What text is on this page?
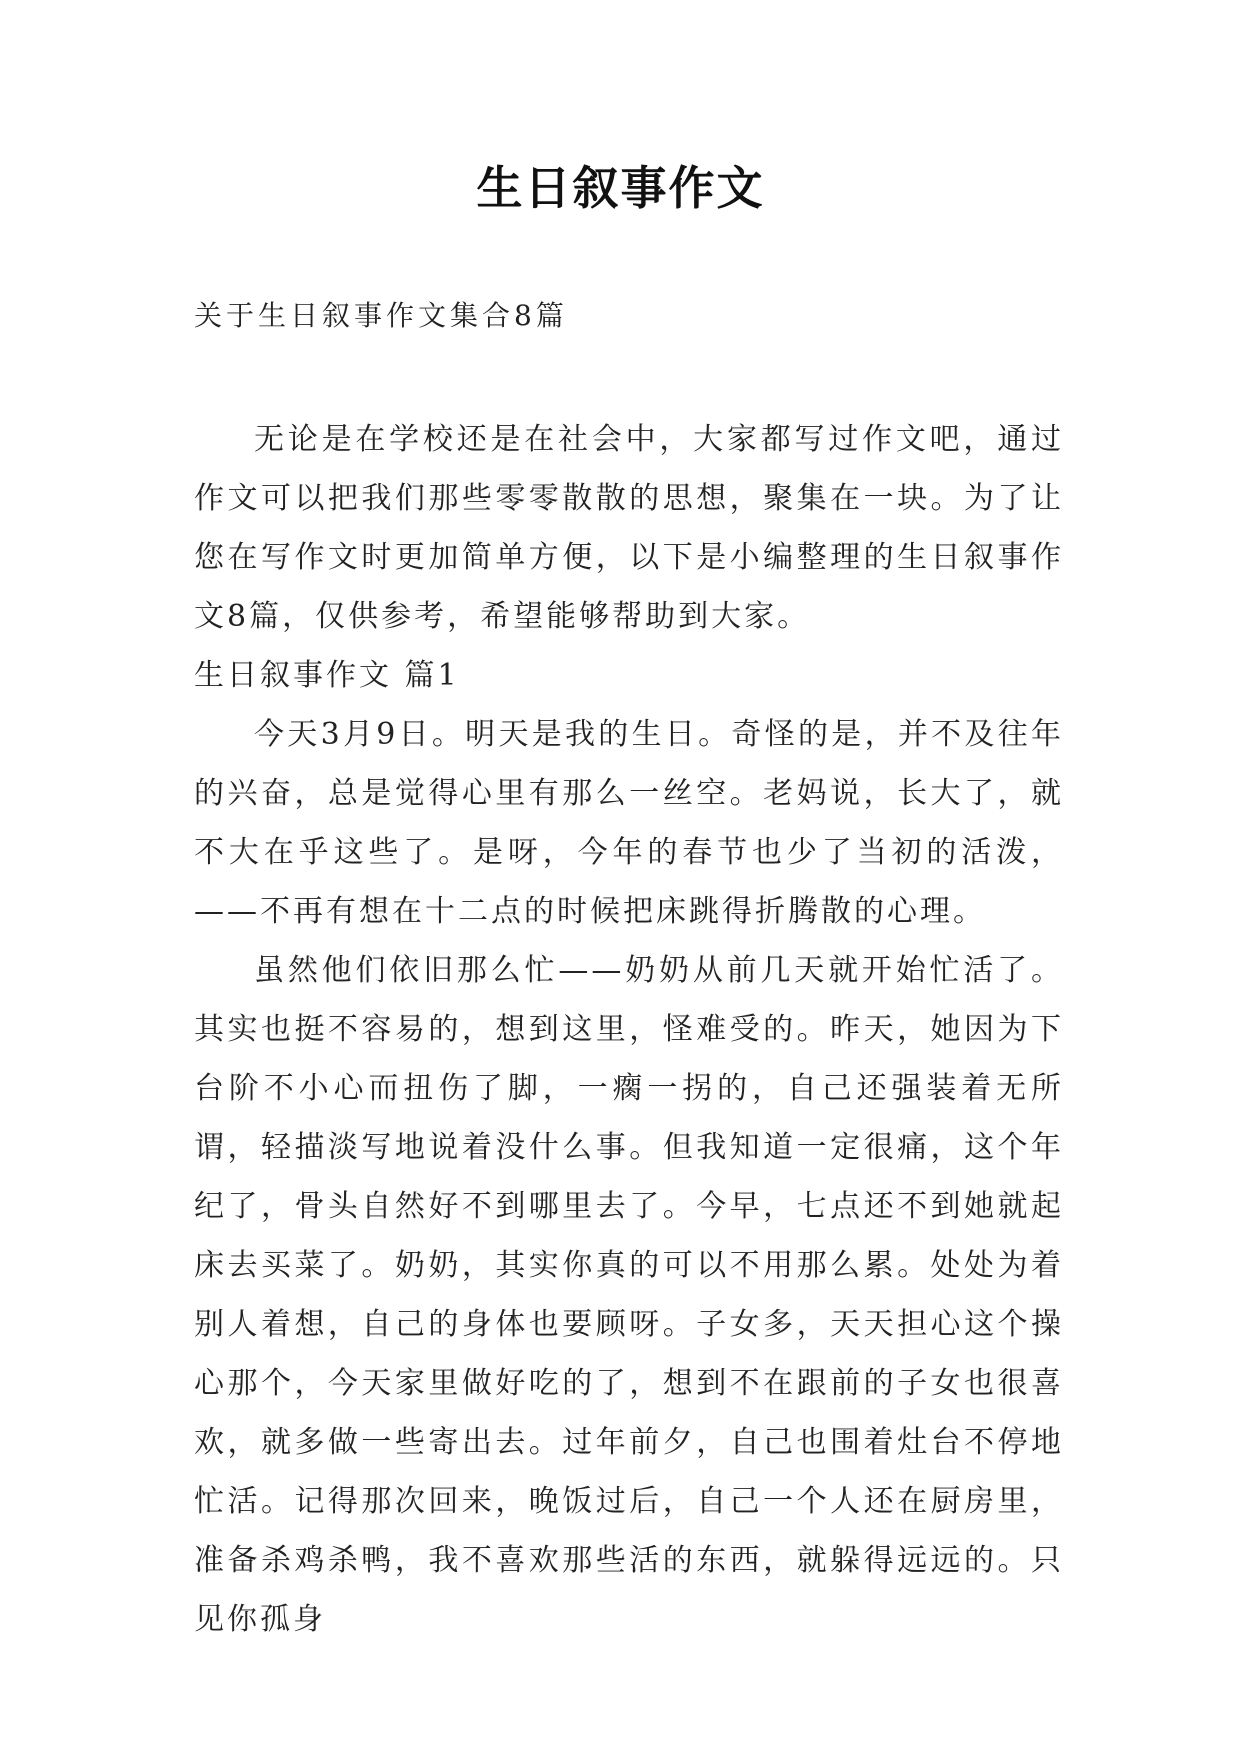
生日叙事作文
关于生日叙事作文集合8篇

无论是在学校还是在社会中，大家都写过作文吧，通过作文可以把我们那些零零散散的思想，聚集在一块。为了让您在写作文时更加简单方便，以下是小编整理的生日叙事作文8篇，仅供参考，希望能够帮助到大家。

生日叙事作文 篇1

今天3月9日。明天是我的生日。奇怪的是，并不及往年的兴奋，总是觉得心里有那么一丝空。老妈说，长大了，就不大在乎这些了。是呀，今年的春节也少了当初的活泼，——不再有想在十二点的时候把床跳得折腾散的心理。

虽然他们依旧那么忙——奶奶从前几天就开始忙活了。其实也挺不容易的，想到这里，怪难受的。昨天，她因为下台阶不小心而扭伤了脚，一瘸一拐的，自己还强装着无所谓，轻描淡写地说着没什么事。但我知道一定很痛，这个年纪了，骨头自然好不到哪里去了。今早，七点还不到她就起床去买菜了。奶奶，其实你真的可以不用那么累。处处为着别人着想，自己的身体也要顾呀。子女多，天天担心这个操心那个，今天家里做好吃的了，想到不在跟前的子女也很喜欢，就多做一些寄出去。过年前夕，自己也围着灶台不停地忙活。记得那次回来，晚饭过后，自己一个人还在厨房里，准备杀鸡杀鸭，我不喜欢那些活的东西，就躲得远远的。只见你孤身
